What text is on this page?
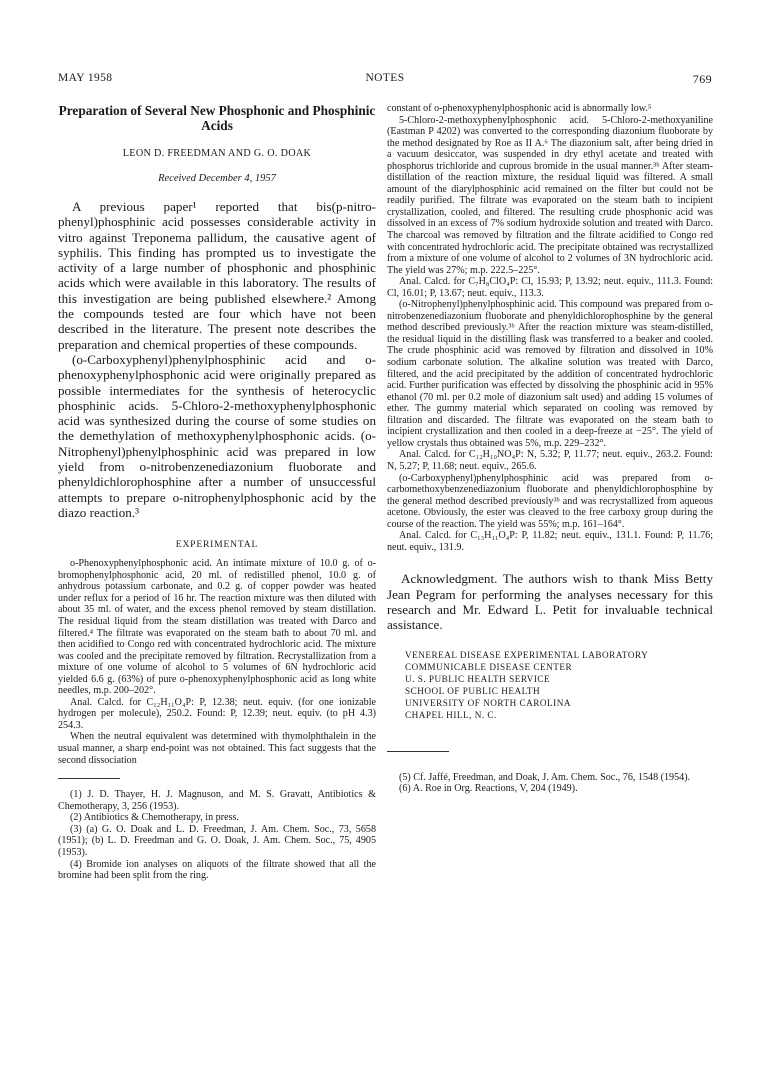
MAY 1958	NOTES	769
Preparation of Several New Phosphonic and Phosphinic Acids
LEON D. FREEDMAN AND G. O. DOAK
Received December 4, 1957

A previous paper¹ reported that bis(p-nitro-phenyl)phosphinic acid possesses considerable activity in vitro against Treponema pallidum, the causative agent of syphilis. This finding has prompted us to investigate the activity of a large number of phosphonic and phosphinic acids which were available in this laboratory. The results of this investigation are being published elsewhere.² Among the compounds tested are four which have not been described in the literature. The present note describes the preparation and chemical properties of these compounds.

(o-Carboxyphenyl)phenylphosphinic acid and o-phenoxyphenylphosphonic acid were originally prepared as possible intermediates for the synthesis of heterocyclic phosphinic acids. 5-Chloro-2-methoxyphenylphosphonic acid was synthesized during the course of some studies on the demethylation of methoxyphenylphosphonic acids. (o-Nitrophenyl)phenylphosphinic acid was prepared in low yield from o-nitrobenzenediazonium fluoborate and phenyldichlorophosphine after a number of unsuccessful attempts to prepare o-nitrophenylphosphonic acid by the diazo reaction.³

EXPERIMENTAL

o-Phenoxyphenylphosphonic acid. An intimate mixture of 10.0 g. of o-bromophenylphosphonic acid, 20 ml. of redistilled phenol, 10.0 g. of anhydrous potassium carbonate, and 0.2 g. of copper powder was heated under reflux for a period of 16 hr. The reaction mixture was then diluted with about 35 ml. of water, and the excess phenol removed by steam distillation. The residual liquid from the steam distillation was treated with Darco and filtered.⁴ The filtrate was evaporated on the steam bath to about 70 ml. and then acidified to Congo red with concentrated hydrochloric acid. The mixture was cooled and the precipitate removed by filtration. Recrystallization from a mixture of one volume of alcohol to 5 volumes of 6N hydrochloric acid yielded 6.6 g. (63%) of pure o-phenoxyphenylphosphonic acid as long white needles, m.p. 200–202°.

Anal. Calcd. for C₁₂H₁₁O₄P: P, 12.38; neut. equiv. (for one ionizable hydrogen per molecule), 250.2. Found: P, 12.39; neut. equiv. (to pH 4.3) 254.3.

When the neutral equivalent was determined with thymolphthalein in the usual manner, a sharp end-point was not obtained. This fact suggests that the second dissociation

(1) J. D. Thayer, H. J. Magnuson, and M. S. Gravatt, Antibiotics & Chemotherapy, 3, 256 (1953).

(2) Antibiotics & Chemotherapy, in press.

(3) (a) G. O. Doak and L. D. Freedman, J. Am. Chem. Soc., 73, 5658 (1951); (b) L. D. Freedman and G. O. Doak, J. Am. Chem. Soc., 75, 4905 (1953).

(4) Bromide ion analyses on aliquots of the filtrate showed that all the bromine had been split from the ring.

constant of o-phenoxyphenylphosphonic acid is abnormally low.⁵

5-Chloro-2-methoxyphenylphosphonic acid. 5-Chloro-2-methoxyaniline (Eastman P 4202) was converted to the corresponding diazonium fluoborate by the method designated by Roe as II A.⁶ The diazonium salt, after being dried in a vacuum desiccator, was suspended in dry ethyl acetate and treated with phosphorus trichloride and cuprous bromide in the usual manner.³ᵇ After steam-distillation of the reaction mixture, the residual liquid was filtered. A small amount of the diarylphosphinic acid remained on the filter but could not be readily purified. The filtrate was evaporated on the steam bath to incipient crystallization, cooled, and filtered. The resulting crude phosphonic acid was dissolved in an excess of 7% sodium hydroxide solution and treated with Darco. The charcoal was removed by filtration and the filtrate acidified to Congo red with concentrated hydrochloric acid. The precipitate obtained was recrystallized from a mixture of one volume of alcohol to 2 volumes of 3N hydrochloric acid. The yield was 27%; m.p. 222.5–225°.

Anal. Calcd. for C₇H₈ClO₄P: Cl, 15.93; P, 13.92; neut. equiv., 111.3. Found: Cl, 16.01; P, 13.67; neut. equiv., 113.3.

(o-Nitrophenyl)phenylphosphinic acid. This compound was prepared from o-nitrobenzenediazonium fluoborate and phenyldichlorophosphine by the general method described previously.³ᵇ After the reaction mixture was steam-distilled, the residual liquid in the distilling flask was transferred to a beaker and cooled. The crude phosphinic acid was removed by filtration and dissolved in 10% sodium carbonate solution. The alkaline solution was treated with Darco, filtered, and the acid precipitated by the addition of concentrated hydrochloric acid. Further purification was effected by dissolving the phosphinic acid in 95% ethanol (70 ml. per 0.2 mole of diazonium salt used) and adding 15 volumes of ether. The gummy material which separated on cooling was removed by filtration and discarded. The filtrate was evaporated on the steam bath to incipient crystallization and then cooled in a deep-freeze at −25°. The yield of yellow crystals thus obtained was 5%, m.p. 229–232°.

Anal. Calcd. for C₁₂H₁₀NO₄P: N, 5.32; P, 11.77; neut. equiv., 263.2. Found: N, 5.27; P, 11.68; neut. equiv., 265.6.

(o-Carboxyphenyl)phenylphosphinic acid was prepared from o-carbomethoxybenzenediazonium fluoborate and phenyldichlorophosphine by the general method described previously³ᵇ and was recrystallized from aqueous acetone. Obviously, the ester was cleaved to the free carboxy group during the course of the reaction. The yield was 55%; m.p. 161–164°.

Anal. Calcd. for C₁₃H₁₁O₄P: P, 11.82; neut. equiv., 131.1. Found: P, 11.76; neut. equiv., 131.9.

Acknowledgment. The authors wish to thank Miss Betty Jean Pegram for performing the analyses necessary for this research and Mr. Edward L. Petit for invaluable technical assistance.

VENEREAL DISEASE EXPERIMENTAL LABORATORY
COMMUNICABLE DISEASE CENTER
U. S. PUBLIC HEALTH SERVICE
SCHOOL OF PUBLIC HEALTH
UNIVERSITY OF NORTH CAROLINA
CHAPEL HILL, N. C.

(5) Cf. Jaffé, Freedman, and Doak, J. Am. Chem. Soc., 76, 1548 (1954).

(6) A. Roe in Org. Reactions, V, 204 (1949).
